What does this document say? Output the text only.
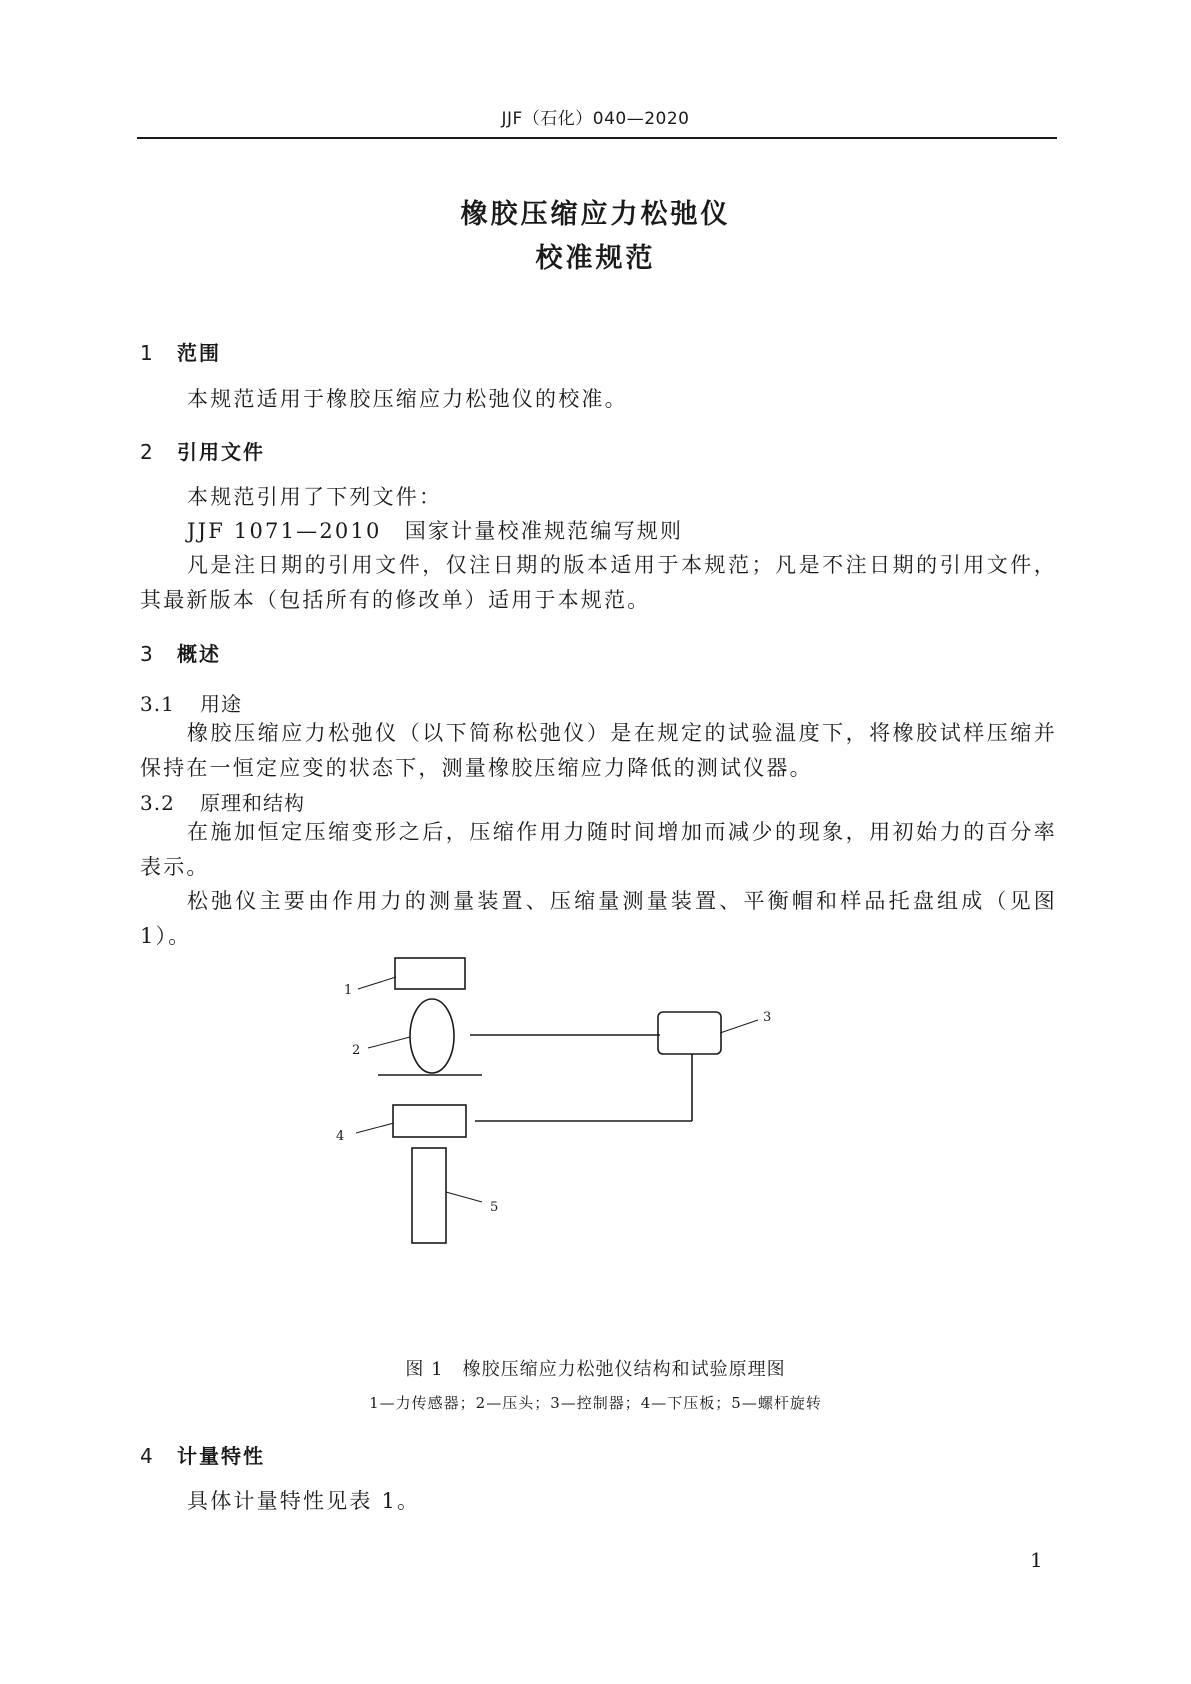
JJF（石化）040—2020
橡胶压缩应力松弛仪
校准规范
1 范围
本规范适用于橡胶压缩应力松弛仪的校准。
2 引用文件
本规范引用了下列文件：
JJF 1071—2010　国家计量校准规范编写规则
凡是注日期的引用文件，仅注日期的版本适用于本规范；凡是不注日期的引用文件，其最新版本（包括所有的修改单）适用于本规范。
3 概述
3.1 用途
橡胶压缩应力松弛仪（以下简称松弛仪）是在规定的试验温度下，将橡胶试样压缩并保持在一恒定应变的状态下，测量橡胶压缩应力降低的测试仪器。
3.2 原理和结构
在施加恒定压缩变形之后，压缩作用力随时间增加而减少的现象，用初始力的百分率表示。
松弛仪主要由作用力的测量装置、压缩量测量装置、平衡帽和样品托盘组成（见图 1）。
1
2
3
4
5
图 1　橡胶压缩应力松弛仪结构和试验原理图
1—力传感器；2—压头；3—控制器；4—下压板；5—螺杆旋转
4 计量特性
具体计量特性见表 1。
1
